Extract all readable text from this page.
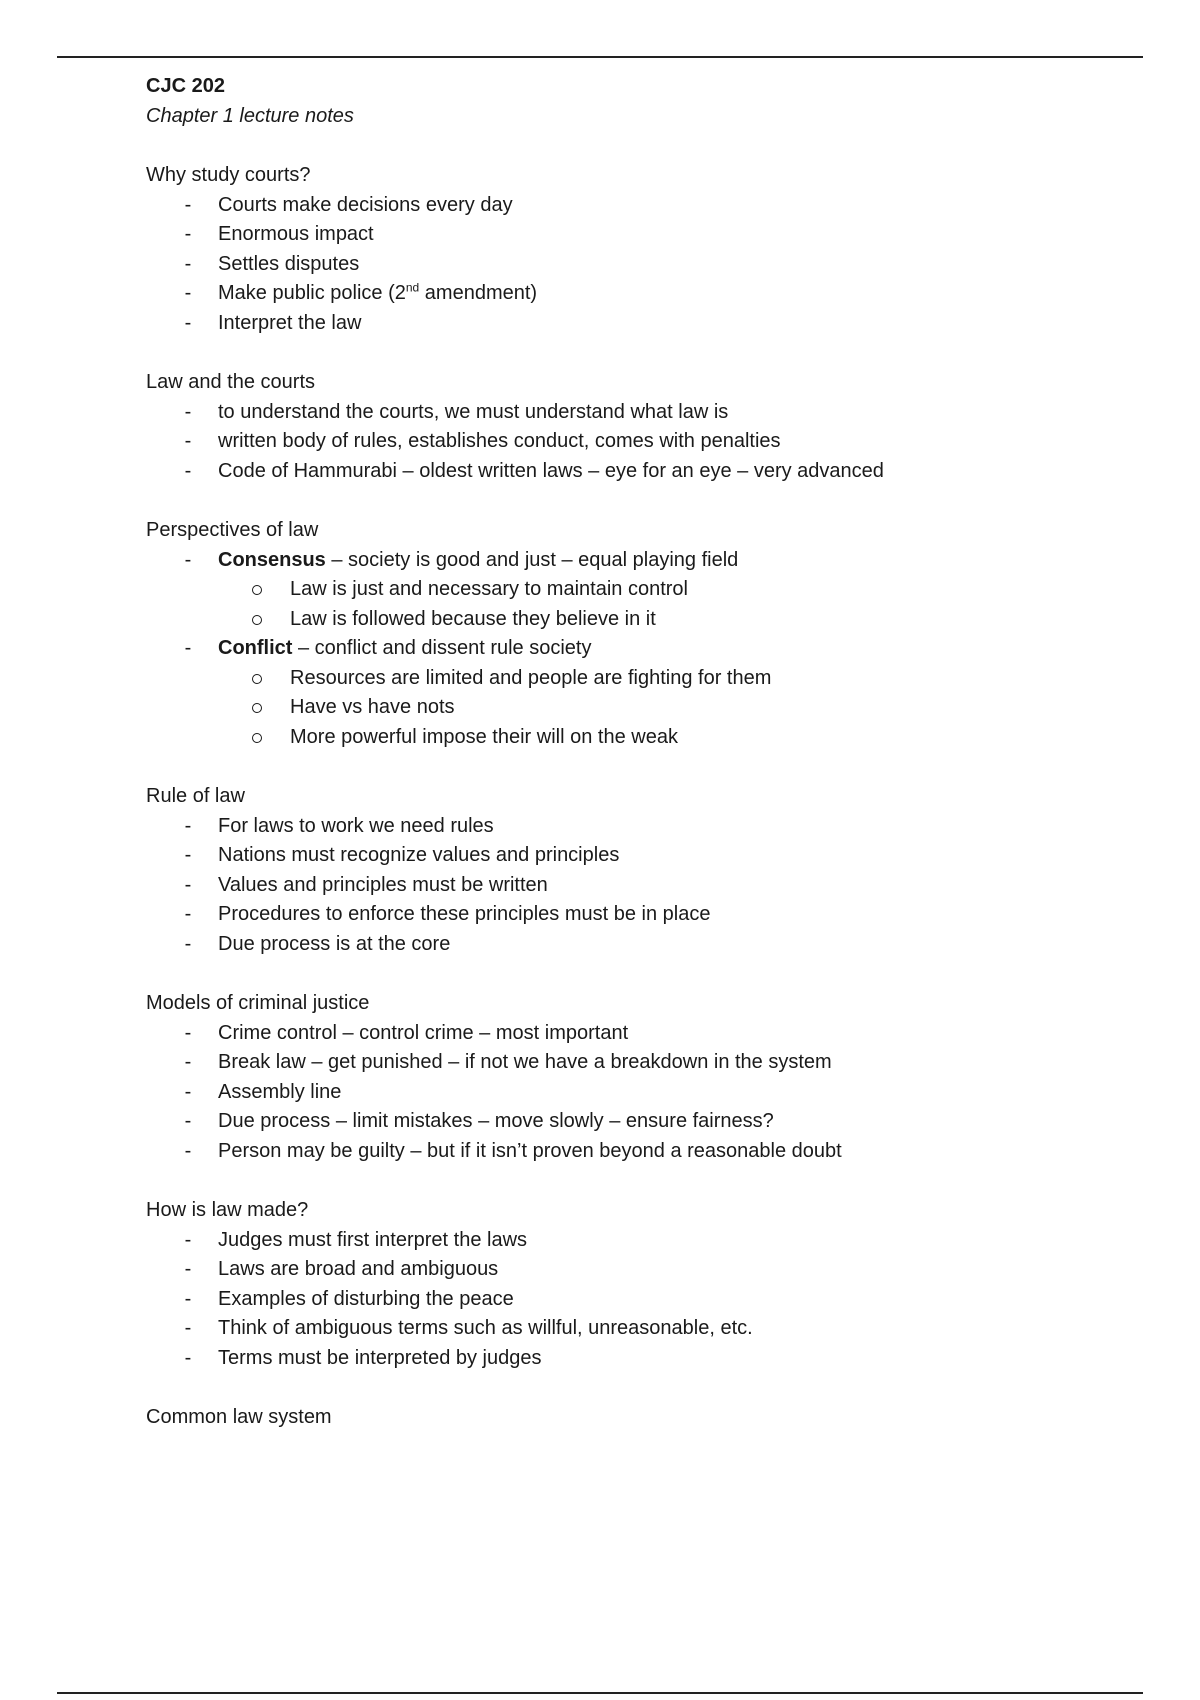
CJC 202

Chapter 1 lecture notes

Why study courts?

- Courts make decisions every day
- Enormous impact
- Settles disputes
- Make public police (2nd amendment)
- Interpret the law

Law and the courts

- to understand the courts, we must understand what law is
- written body of rules, establishes conduct, comes with penalties
- Code of Hammurabi – oldest written laws – eye for an eye – very advanced

Perspectives of law

- Consensus – society is good and just – equal playing field
Law is just and necessary to maintain control
Law is followed because they believe in it
- Conflict – conflict and dissent rule society
Resources are limited and people are fighting for them
Have vs have nots
More powerful impose their will on the weak

Rule of law

- For laws to work we need rules
- Nations must recognize values and principles
- Values and principles must be written
- Procedures to enforce these principles must be in place
- Due process is at the core

Models of criminal justice

- Crime control – control crime – most important
- Break law – get punished – if not we have a breakdown in the system
- Assembly line
- Due process – limit mistakes – move slowly – ensure fairness?
- Person may be guilty – but if it isn’t proven beyond a reasonable doubt

How is law made?

- Judges must first interpret the laws
- Laws are broad and ambiguous
- Examples of disturbing the peace
- Think of ambiguous terms such as willful, unreasonable, etc.
- Terms must be interpreted by judges

Common law system
